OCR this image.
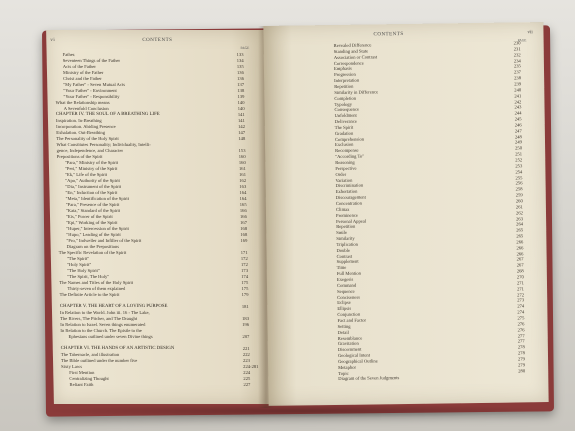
vi	CONTENTS
PAGE
Father.	133
Seventeen Things of the Father	134
Acts of the Father	135
Ministry of the Father	136
Christ and the Father	136
"My Father" - Seven Mutual Acts	137
"Your Father" - Environment	138
"Your Father" - Responsibility	139
What the Relationship means	140
A Sevenfold Conclusion	140
CHAPTER IV. THE SOUL OF A BREATHING LIFE	141
Inspiration. In-Breathing	141
Incorporation. Abiding Presence	142
Exhalation. Out-Breathing	147
The Personality of the Holy Spirit	148
What Constitutes Personality; Individuality, Intelli-
gence, Independence, and Character	153
Prepositions of the Spirit	160
"Para," Ministry of the Spirit	160
"Peri," Ministry of the Spirit	161
"Ek," Life of the Spirit	161
"Apo," Authority of the Spirit	162
"Dia," Instrument of the Spirit	163
"En," Induction of the Spirit	164
"Meta," Identification of the Spirit	164
"Para," Presence of the Spirit	165
"Kata," Standard of the Spirit	166
"Eis," Power of the Spirit	166
"Epi," Working of the Spirit	167
"Huper," Intercession of the Spirit	168
"Hupo," Leading of the Spirit	168
"Pro," Indweller and Infiller of the Spirit	169
Diagram on the Prepositions
The Specific Revelation of the Spirit	171
"The Spirit"	172
"Holy Spirit"	172
"The Holy Spirit"	173
"The Spirit, The Holy"	174
The Names and Titles of the Holy Spirit	175
Thirty-seven of them explained	175
The Definite Article to the Spirit	179
CHAPTER V. THE HEART OF A LOVING PURPOSE	181
In Relation to the World. John iii. 16 - The Lake,
The Rivers, The Pitcher, and The Draught	183
In Relation to Israel. Seven things enumerated	196
In Relation to the Church. The Epistle to the
Ephesians outlined under seven Divine things	207
CHAPTER VI. THE HANDS OF AN ARTISTIC DESIGN	221
The Tabernacle, and illustration	222
The Bible outlined under the number five	223
Sixty Laws	224-281
First Mention	224
Centralizing Thought	225
Reliant Faith	227
CONTENTS	vii
PAGE
Revealed Difference	230
Standing and State	231
Association or Contrast	232
Correspondence	234
Emphasis	235
Progression	237
Interpretation	238
Repetition	239
Similarity in Difference	240
Completion	241
Typology	242
Consequence	243
Unfoldment	244
Deliverance	245
The Spirit	246
Gradation	247
Comprehension	248
Exclusion	249
Recompense	250
"According To"	251
Reasoning	252
Perspective	253
Order	254
Variation	255
Discrimination	256
Exhortation	258
Discouragement	259
Concentration	260
Climax	261
Prominence	262
Personal Appeal	263
Repetition	264
Smile	265
Similarity	265
Triplication	266
Double	266
Contrast	266
Supplement	267
Time	267
Full Mention	268
Exegesis	270
Command	271
Sequence	271
Conciseness	272
Eclipse	273
Ellipsis	274
Conjunction	274
Fact and Factor	275
Setting	276
Detail	276
Resemblance	277
Gravitation	277
Discernment	278
Geological Intent	278
Geographical Outline	279
Metaphor	279
Topic	280
Diagram of the Seven Judgments
